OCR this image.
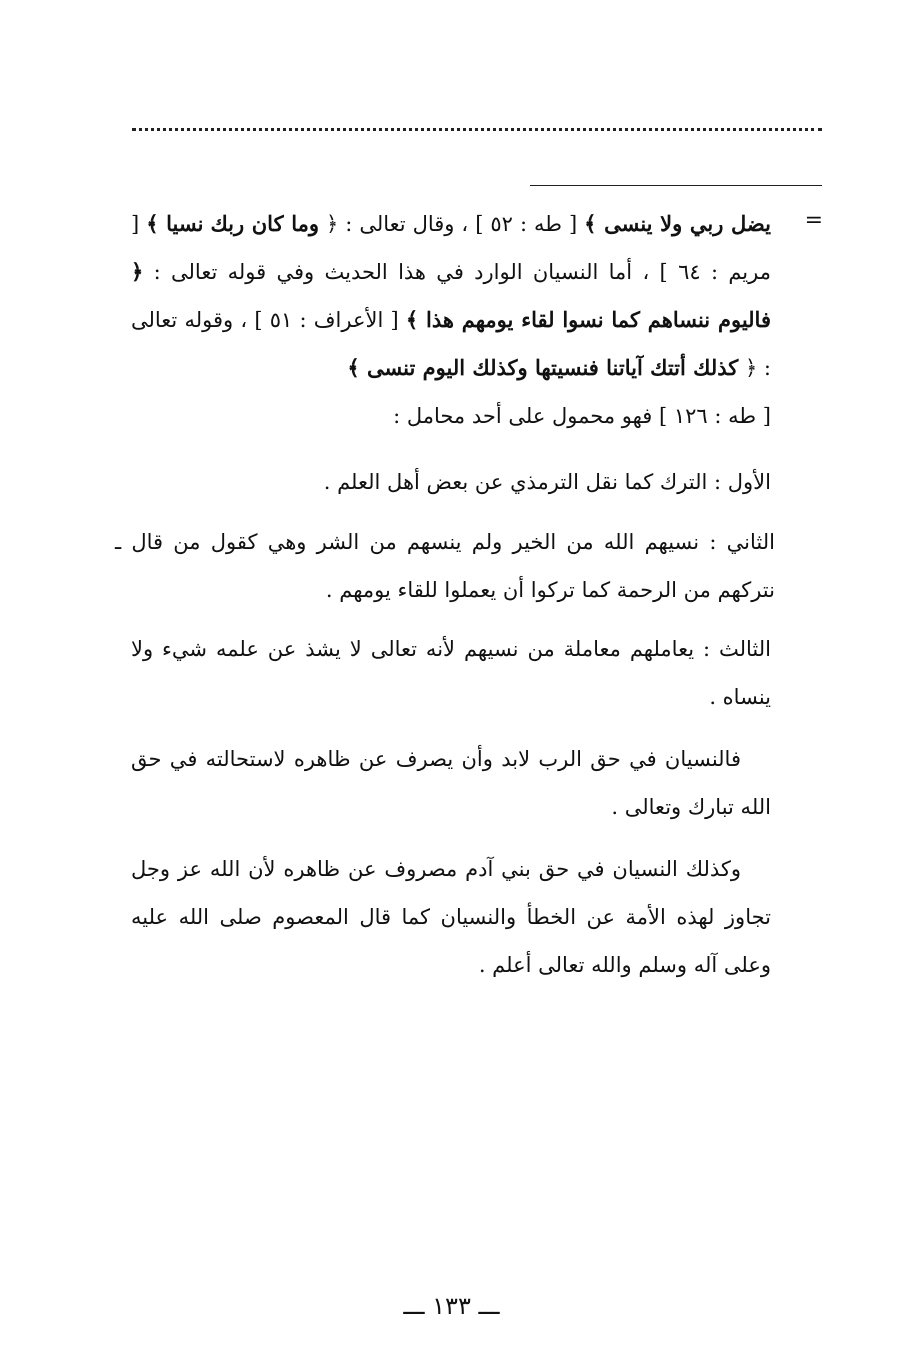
=
يضل ربي ولا ينسى ﴾ [ طه : ٥٢ ] ، وقال تعالى : ﴿ وما كان ربك نسيا ﴾ [ مريم : ٦٤ ] ، أما النسيان الوارد في هذا الحديث وفي قوله تعالى : ﴿ فاليوم ننساهم كما نسوا لقاء يومهم هذا ﴾ [ الأعراف : ٥١ ] ، وقوله تعالى : ﴿ كذلك أتتك آياتنا فنسيتها وكذلك اليوم تنسى ﴾
[ طه : ١٢٦ ] فهو محمول على أحد محامل :
الأول : الترك كما نقل الترمذي عن بعض أهل العلم .
الثاني : نسيهم الله من الخير ولم ينسهم من الشر وهي كقول من قال ـ نتركهم من الرحمة كما تركوا أن يعملوا للقاء يومهم .
الثالث : يعاملهم معاملة من نسيهم لأنه تعالى لا يشذ عن علمه شيء ولا ينساه .
فالنسيان في حق الرب لابد وأن يصرف عن ظاهره لاستحالته في حق الله تبارك وتعالى .
وكذلك النسيان في حق بني آدم مصروف عن ظاهره لأن الله عز وجل تجاوز لهذه الأمة عن الخطأ والنسيان كما قال المعصوم صلى الله عليه وعلى آله وسلم والله تعالى أعلم .
ـــ ١٣٣ ـــ
